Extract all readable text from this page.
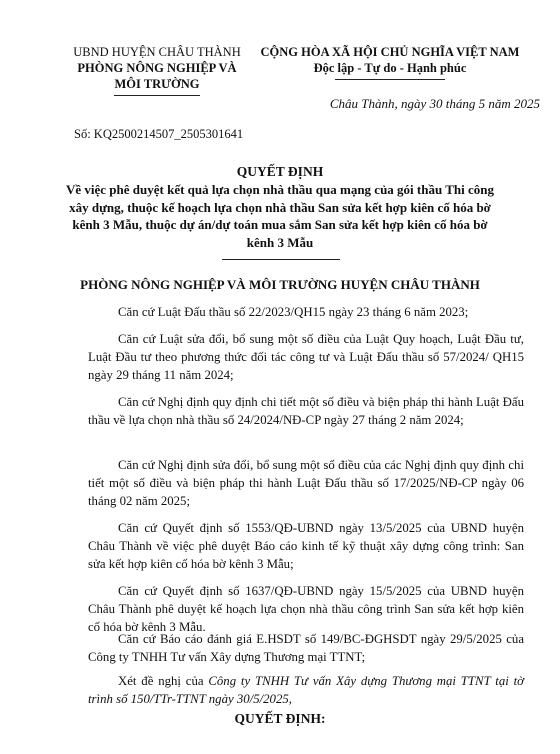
UBND HUYỆN CHÂU THÀNH
PHÒNG NÔNG NGHIỆP VÀ MÔI TRƯỜNG
CỘNG HÒA XÃ HỘI CHỦ NGHĨA VIỆT NAM
Độc lập - Tự do - Hạnh phúc
Châu Thành, ngày 30 tháng 5 năm 2025
Số: KQ2500214507_2505301641
QUYẾT ĐỊNH
Về việc phê duyệt kết quả lựa chọn nhà thầu qua mạng của gói thầu Thi công xây dựng, thuộc kế hoạch lựa chọn nhà thầu San sửa kết hợp kiên cố hóa bờ kênh 3 Mẫu, thuộc dự án/dự toán mua sắm San sửa kết hợp kiên cố hóa bờ kênh 3 Mẫu
PHÒNG NÔNG NGHIỆP VÀ MÔI TRƯỜNG HUYỆN CHÂU THÀNH
Căn cứ Luật Đấu thầu số 22/2023/QH15 ngày 23 tháng 6 năm 2023;
Căn cứ Luật sửa đổi, bổ sung một số điều của Luật Quy hoạch, Luật Đầu tư, Luật Đầu tư theo phương thức đối tác công tư và Luật Đấu thầu số 57/2024/ QH15 ngày 29 tháng 11 năm 2024;
Căn cứ Nghị định quy định chi tiết một số điều và biện pháp thi hành Luật Đấu thầu về lựa chọn nhà thầu số 24/2024/NĐ-CP ngày 27 tháng 2 năm 2024;
Căn cứ Nghị định sửa đổi, bổ sung một số điều của các Nghị định quy định chi tiết một số điều và biện pháp thi hành Luật Đấu thầu số 17/2025/NĐ-CP ngày 06 tháng 02 năm 2025;
Căn cứ Quyết định số 1553/QĐ-UBND ngày 13/5/2025 của UBND huyện Châu Thành về việc phê duyệt Báo cáo kinh tế kỹ thuật xây dựng công trình: San sửa kết hợp kiên cố hóa bờ kênh 3 Mẫu;
Căn cứ Quyết định số 1637/QĐ-UBND ngày 15/5/2025 của UBND huyện Châu Thành phê duyệt kế hoạch lựa chọn nhà thầu công trình San sửa kết hợp kiên cố hóa bờ kênh 3 Mẫu.
Căn cứ Báo cáo đánh giá E.HSDT số 149/BC-ĐGHSDT ngày 29/5/2025 của Công ty TNHH Tư vấn Xây dựng Thương mại TTNT;
Xét đề nghị của Công ty TNHH Tư vấn Xây dựng Thương mại TTNT tại tờ trình số 150/TTr-TTNT ngày 30/5/2025,
QUYẾT ĐỊNH:
